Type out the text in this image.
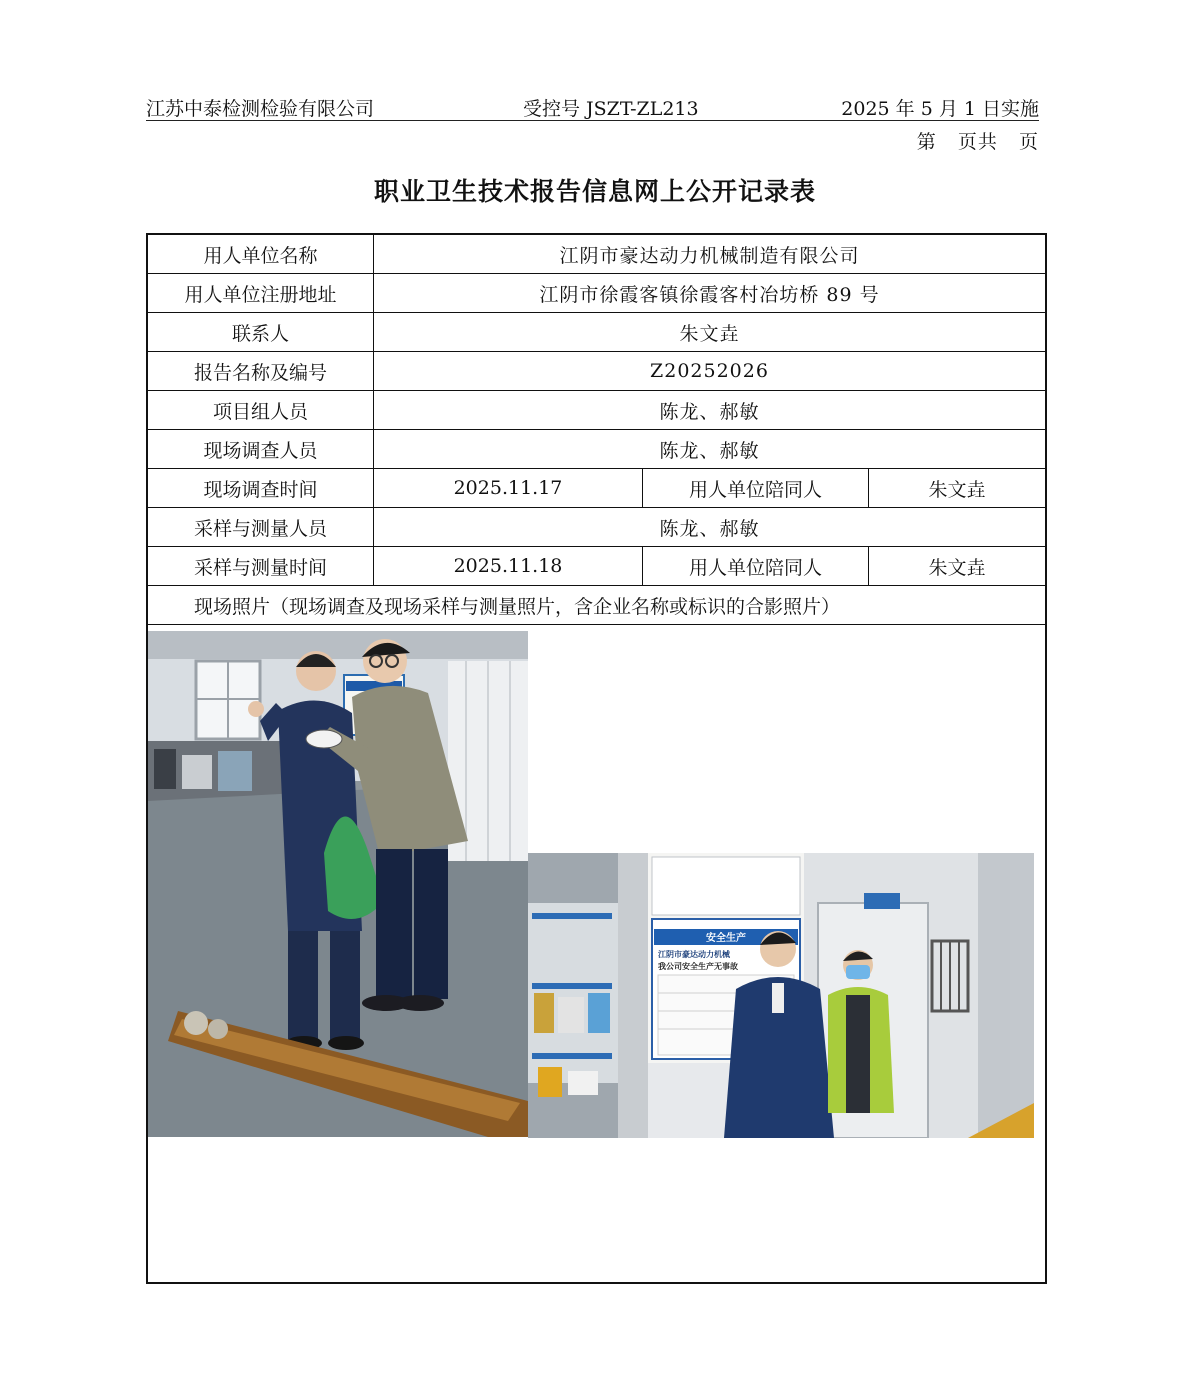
江苏中泰检测检验有限公司	受控号 JSZT-ZL213	2025 年 5 月 1 日实施
第   页共   页
职业卫生技术报告信息网上公开记录表
用人单位名称	江阴市豪达动力机械制造有限公司
用人单位注册地址	江阴市徐霞客镇徐霞客村冶坊桥 89 号
联系人	朱文垚
报告名称及编号	Z20252026
项目组人员	陈龙、郝敏
现场调查人员	陈龙、郝敏
现场调查时间	2025.11.17	用人单位陪同人	朱文垚
采样与测量人员	陈龙、郝敏
采样与测量时间	2025.11.18	用人单位陪同人	朱文垚
现场照片（现场调查及现场采样与测量照片，含企业名称或标识的合影照片）
安全生产
江阴市豪达动力机械
我公司安全生产无事故
